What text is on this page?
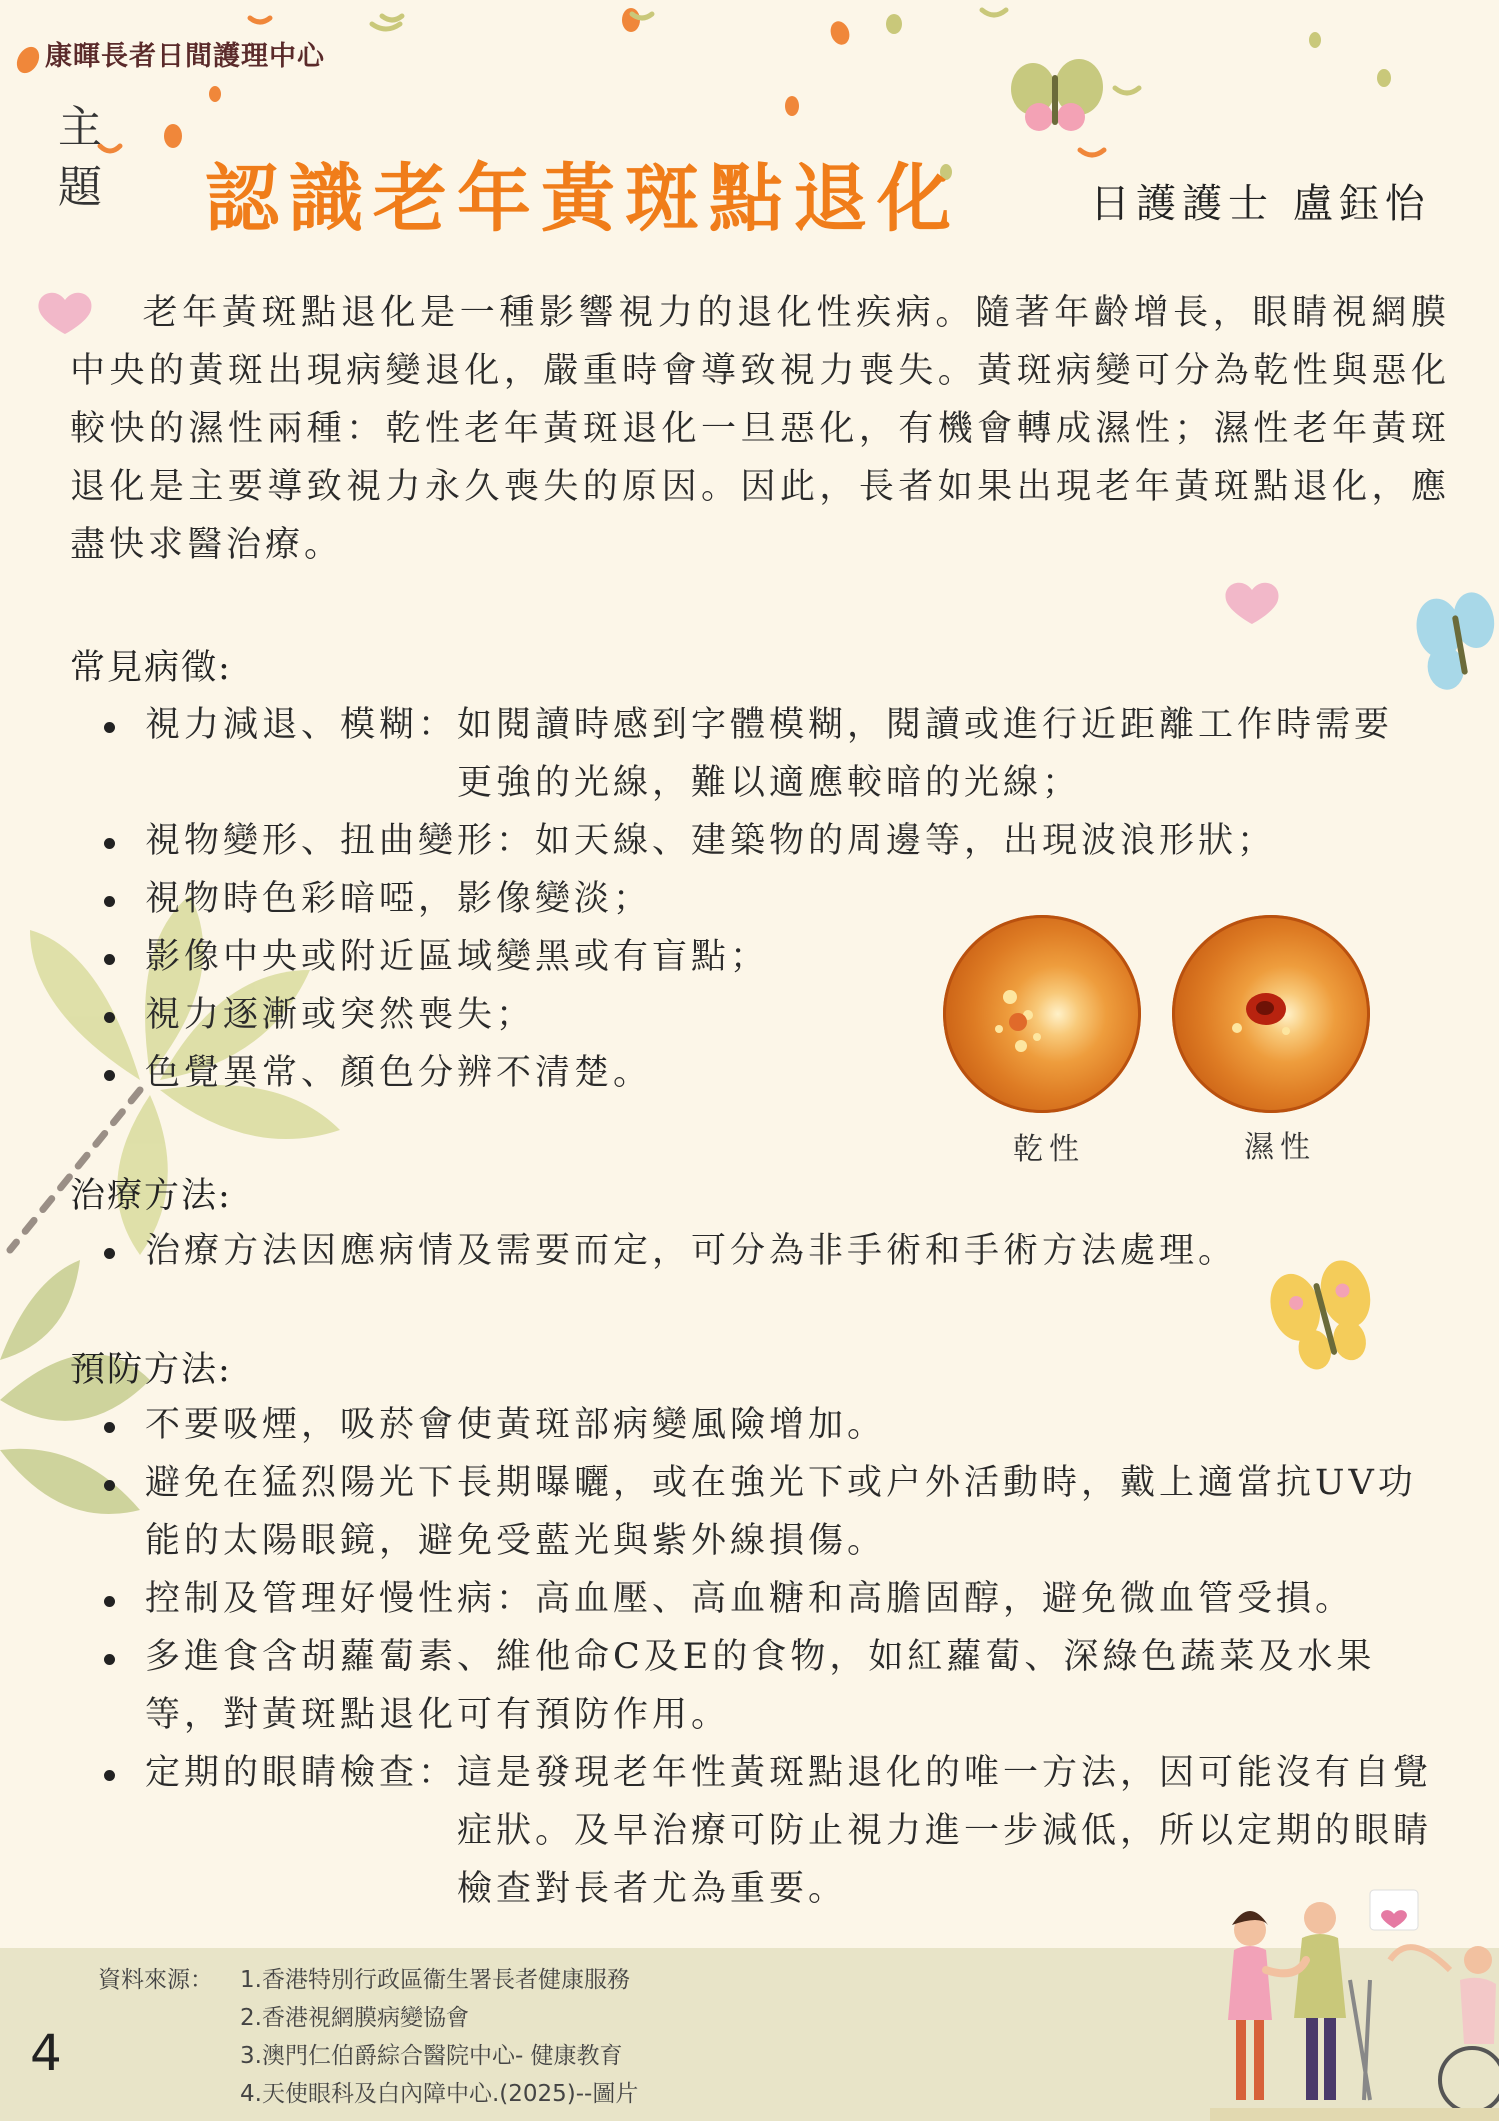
康暉長者日間護理中心
主
題 認識老年黃斑點退化	日護護士 盧鈺怡
老年黃斑點退化是一種影響視力的退化性疾病。隨著年齡增長，眼睛視網膜中央的黃斑出現病變退化，嚴重時會導致視力喪失。黃斑病變可分為乾性與惡化較快的濕性兩種：乾性老年黃斑退化一旦惡化，有機會轉成濕性；濕性老年黃斑退化是主要導致視力永久喪失的原因。因此，長者如果出現老年黃斑點退化，應盡快求醫治療。
常見病徵:
視力減退、模糊：如閱讀時感到字體模糊，閱讀或進行近距離工作時需要
更強的光線，難以適應較暗的光線；
視物變形、扭曲變形：如天線、建築物的周邊等，出現波浪形狀；
視物時色彩暗啞，影像變淡；
影像中央或附近區域變黑或有盲點；
視力逐漸或突然喪失；
色覺異常、顏色分辨不清楚。
乾性	濕性
治療方法:
治療方法因應病情及需要而定，可分為非手術和手術方法處理。
預防方法:
不要吸煙，吸菸會使黃斑部病變風險增加。
避免在猛烈陽光下長期曝曬，或在強光下或户外活動時，戴上適當抗UV功能的太陽眼鏡，避免受藍光與紫外線損傷。
控制及管理好慢性病：高血壓、高血糖和高膽固醇，避免微血管受損。
多進食含胡蘿蔔素、維他命C及E的食物，如紅蘿蔔、深綠色蔬菜及水果等，對黃斑點退化可有預防作用。
定期的眼睛檢查：這是發現老年性黃斑點退化的唯一方法，因可能沒有自覺
症狀。及早治療可防止視力進一步減低，所以定期的眼睛
檢查對長者尤為重要。
資料來源： 1.香港特別行政區衞生署長者健康服務
2.香港視網膜病變協會
3.澳門仁伯爵綜合醫院中心- 健康教育
4.天使眼科及白內障中心.(2025)--圖片
4
